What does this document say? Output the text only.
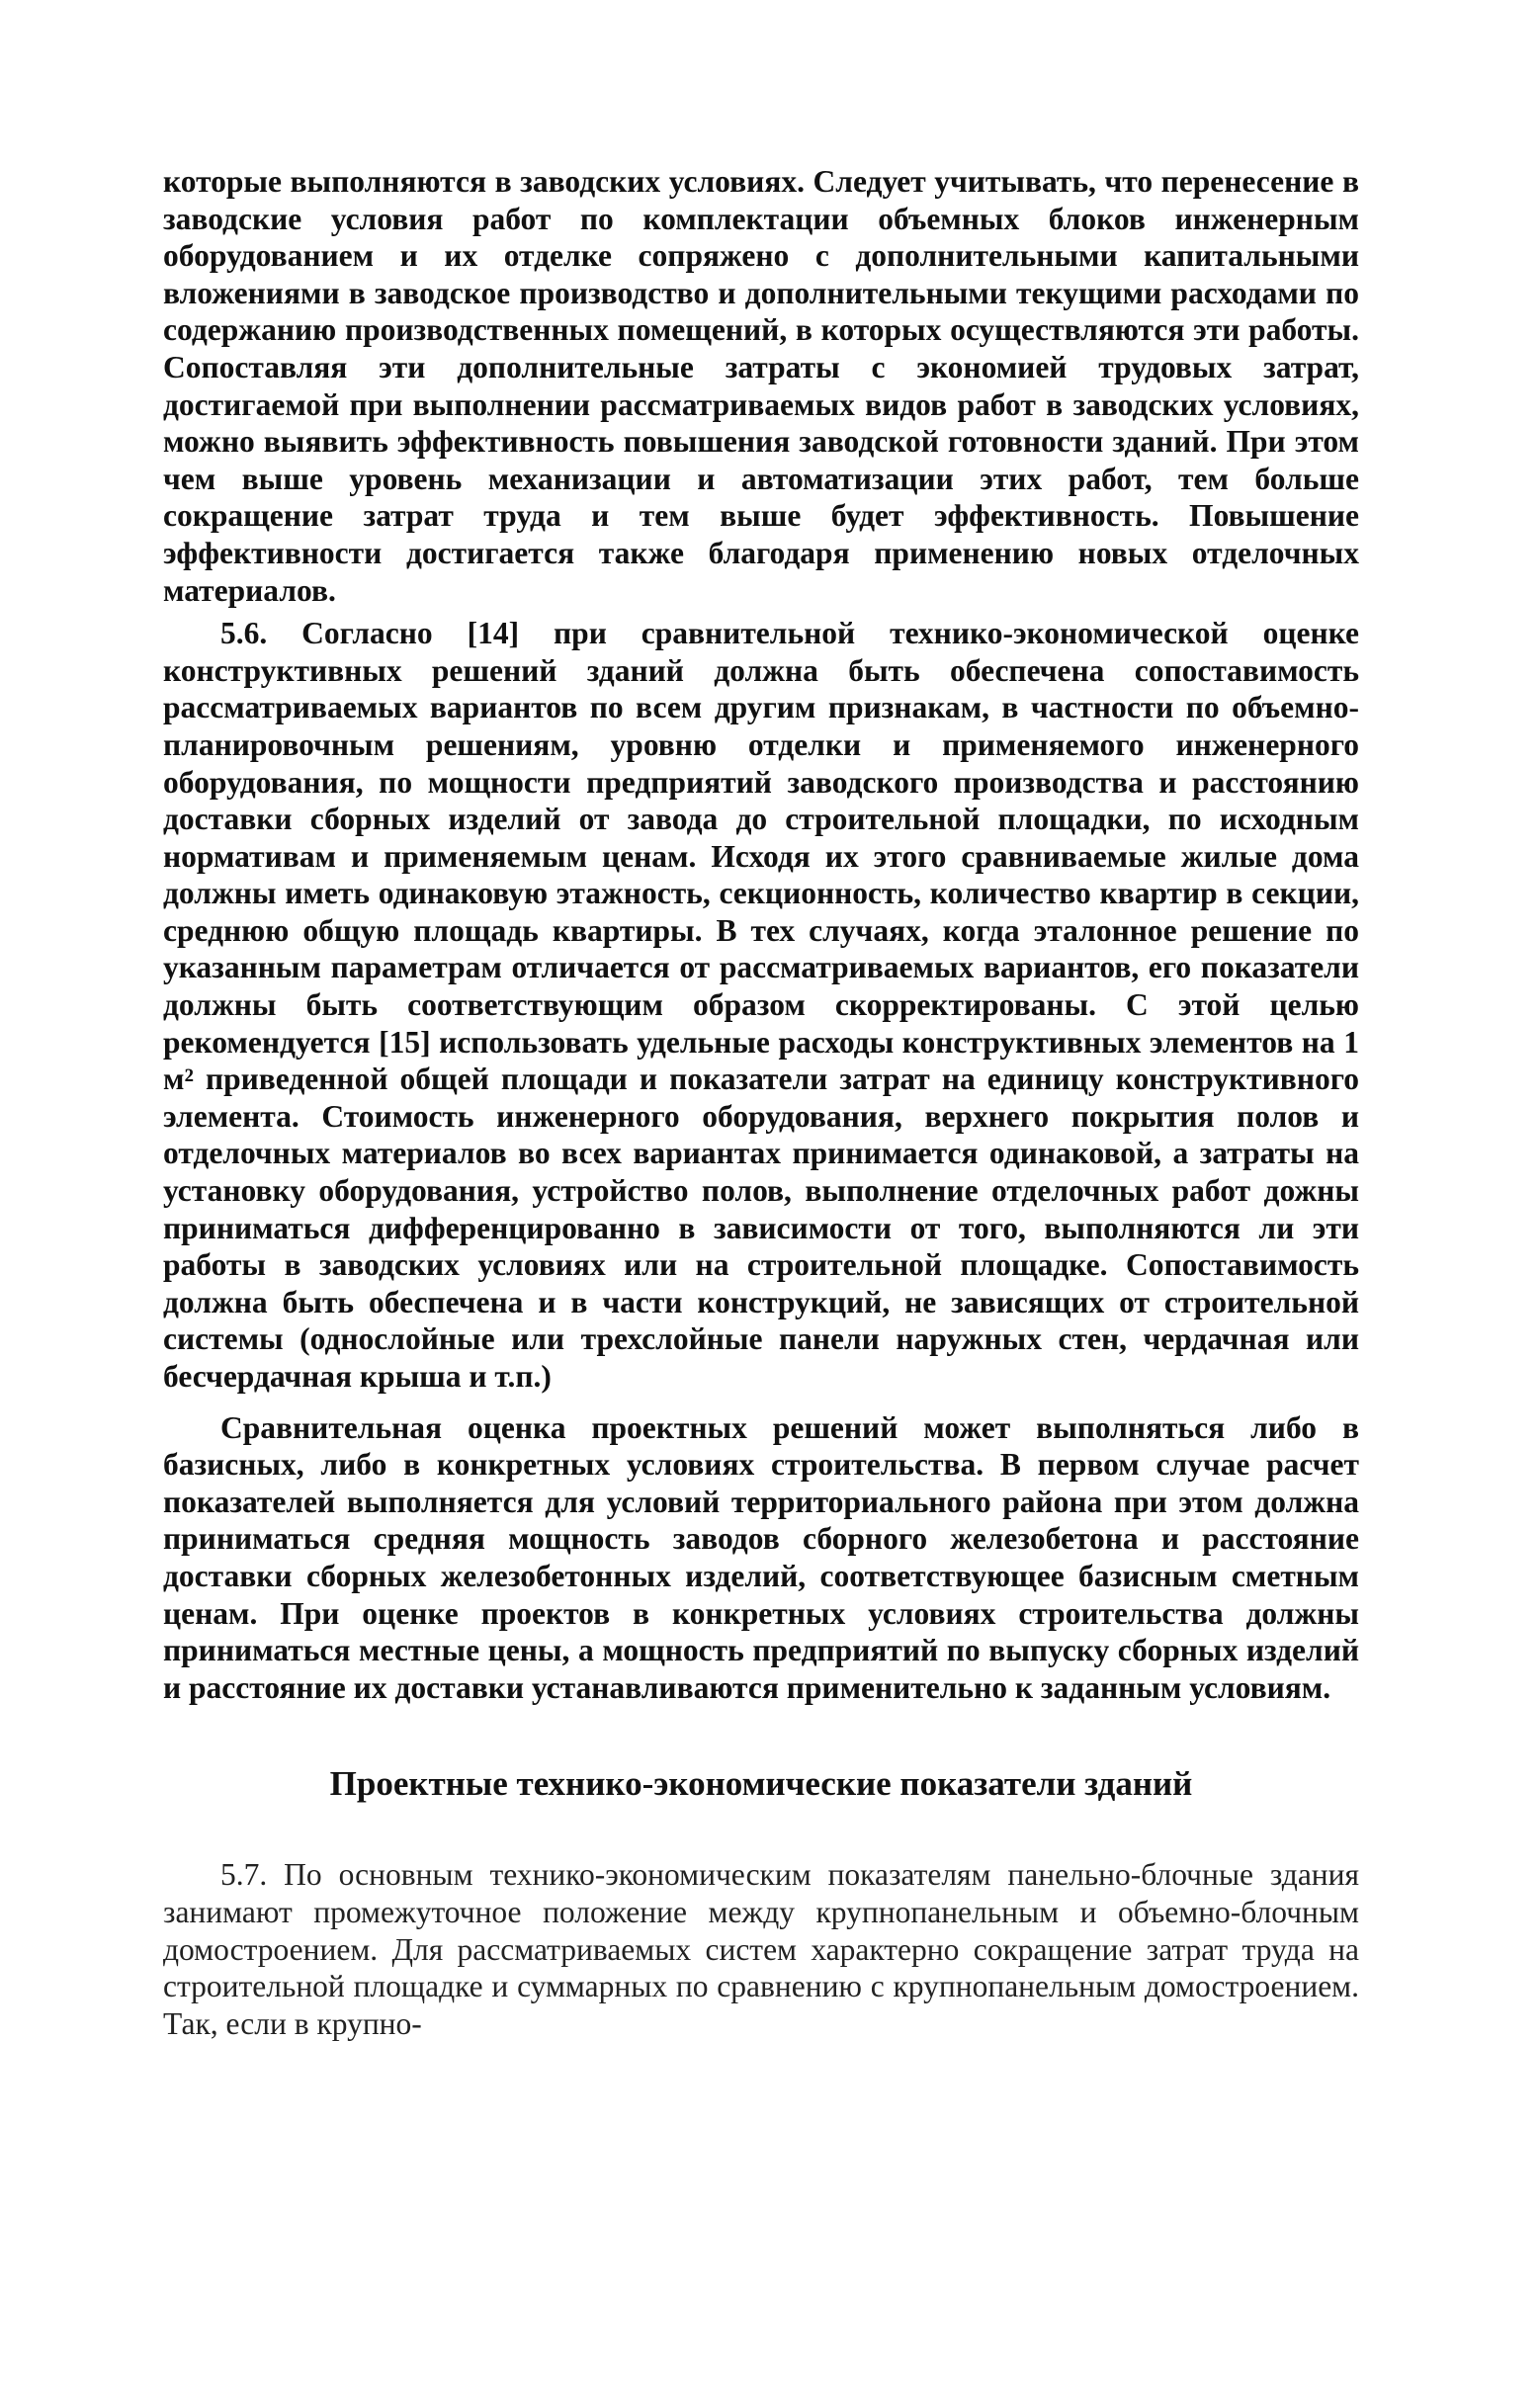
которые выполняются в заводских условиях. Следует учитывать, что перенесение в заводские условия работ по комплектации объемных блоков инженерным оборудованием и их отделке сопряжено с дополнительными капитальными вложениями в заводское производство и дополнительными текущими расходами по содержанию производственных помещений, в которых осуществляются эти работы. Сопоставляя эти дополнительные затраты с экономией трудовых затрат, достигаемой при выполнении рассматриваемых видов работ в заводских условиях, можно выявить эффективность повышения заводской готовности зданий. При этом чем выше уровень механизации и автоматизации этих работ, тем больше сокращение затрат труда и тем выше будет эффективность. Повышение эффективности достигается также благодаря применению новых отделочных материалов.

5.6. Согласно [14] при сравнительной технико-экономической оценке конструктивных решений зданий должна быть обеспечена сопоставимость рассматриваемых вариантов по всем другим признакам, в частности по объемно-планировочным решениям, уровню отделки и применяемого инженерного оборудования, по мощности предприятий заводского производства и расстоянию доставки сборных изделий от завода до строительной площадки, по исходным нормативам и применяемым ценам. Исходя их этого сравниваемые жилые дома должны иметь одинаковую этажность, секционность, количество квартир в секции, среднюю общую площадь квартиры. В тех случаях, когда эталонное решение по указанным параметрам отличается от рассматриваемых вариантов, его показатели должны быть соответствующим образом скорректированы. С этой целью рекомендуется [15] использовать удельные расходы конструктивных элементов на 1 м² приведенной общей площади и показатели затрат на единицу конструктивного элемента. Стоимость инженерного оборудования, верхнего покрытия полов и отделочных материалов во всех вариантах принимается одинаковой, а затраты на установку оборудования, устройство полов, выполнение отделочных работ дожны приниматься дифференцированно в зависимости от того, выполняются ли эти работы в заводских условиях или на строительной площадке. Сопоставимость должна быть обеспечена и в части конструкций, не зависящих от строительной системы (однослойные или трехслойные панели наружных стен, чердачная или бесчердачная крыша и т.п.)

Сравнительная оценка проектных решений может выполняться либо в базисных, либо в конкретных условиях строительства. В первом случае расчет показателей выполняется для условий территориального района при этом должна приниматься средняя мощность заводов сборного железобетона и расстояние доставки сборных железобетонных изделий, соответствующее базисным сметным ценам. При оценке проектов в конкретных условиях строительства должны приниматься местные цены, а мощность предприятий по выпуску сборных изделий и расстояние их доставки устанавливаются применительно к заданным условиям.

Проектные технико-экономические показатели зданий

5.7. По основным технико-экономическим показателям панельно-блочные здания занимают промежуточное положение между крупнопанельным и объемно-блочным домостроением. Для рассматриваемых систем характерно сокращение затрат труда на строительной площадке и суммарных по сравнению с крупнопанельным домостроением. Так, если в крупно-
